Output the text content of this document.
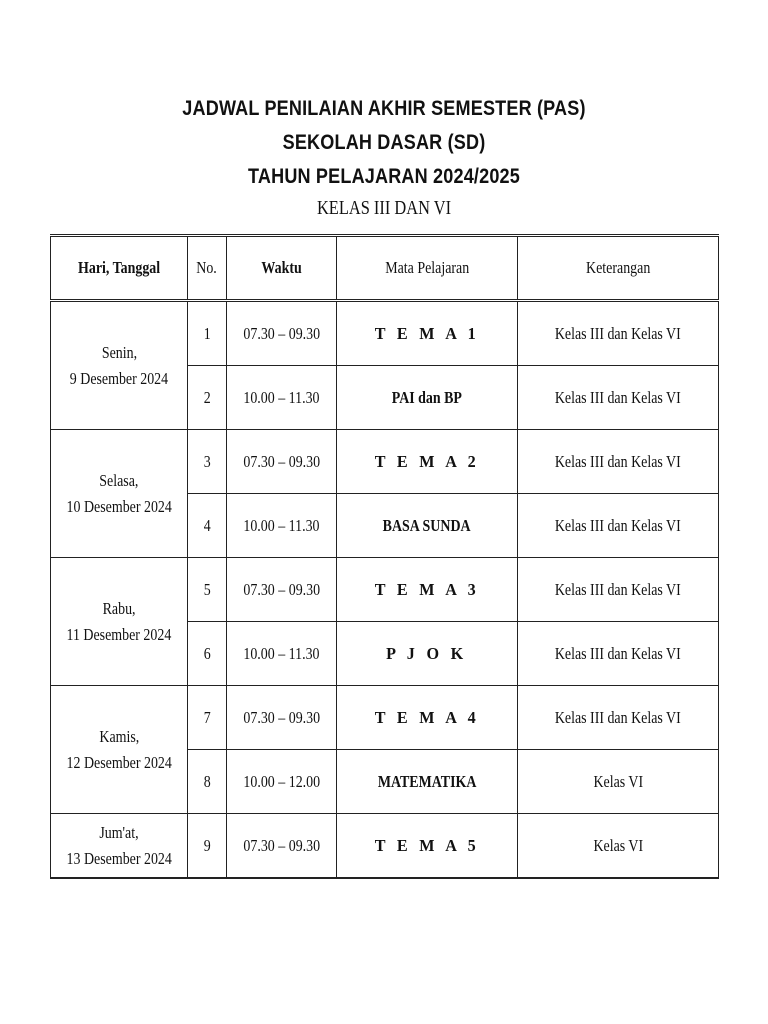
JADWAL PENILAIAN AKHIR SEMESTER (PAS)
SEKOLAH DASAR (SD)
TAHUN PELAJARAN 2024/2025
KELAS III DAN VI
Hari, Tanggal	No.	Waktu	Mata Pelajaran	Keterangan
Senin,
9 Desember 2024	1	07.30 – 09.30	T E M A 1	Kelas III dan Kelas VI
	2	10.00 – 11.30	PAI dan BP	Kelas III dan Kelas VI
Selasa,
10 Desember 2024	3	07.30 – 09.30	T E M A 2	Kelas III dan Kelas VI
	4	10.00 – 11.30	BASA SUNDA	Kelas III dan Kelas VI
Rabu,
11 Desember 2024	5	07.30 – 09.30	T E M A 3	Kelas III dan Kelas VI
	6	10.00 – 11.30	P J O K	Kelas III dan Kelas VI
Kamis,
12 Desember 2024	7	07.30 – 09.30	T E M A 4	Kelas III dan Kelas VI
	8	10.00 – 12.00	MATEMATIKA	Kelas VI
Jum'at,
13 Desember 2024	9	07.30 – 09.30	T E M A 5	Kelas VI
